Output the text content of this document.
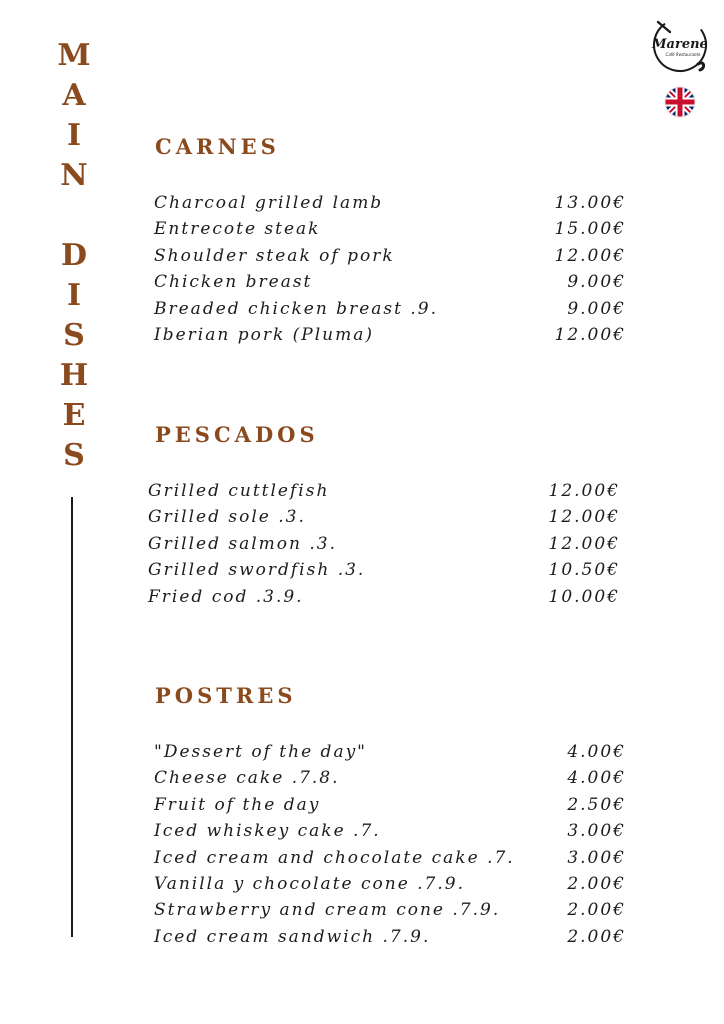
M
A
I
N
D
I
S
H
E
S
Marene
Café Restaurante
CARNES
Charcoal grilled lamb	13.00€
Entrecote steak	15.00€
Shoulder steak of pork	12.00€
Chicken breast	9.00€
Breaded chicken breast .9.	9.00€
Iberian pork (Pluma)	12.00€
PESCADOS
Grilled cuttlefish	12.00€
Grilled sole .3.	12.00€
Grilled salmon .3.	12.00€
Grilled swordfish .3.	10.50€
Fried cod .3.9.	10.00€
POSTRES
"Dessert of the day"	4.00€
Cheese cake .7.8.	4.00€
Fruit of the day	2.50€
Iced whiskey cake .7.	3.00€
Iced cream and chocolate cake .7.	3.00€
Vanilla y chocolate cone .7.9.	2.00€
Strawberry and cream cone .7.9.	2.00€
Iced cream sandwich .7.9.	2.00€
